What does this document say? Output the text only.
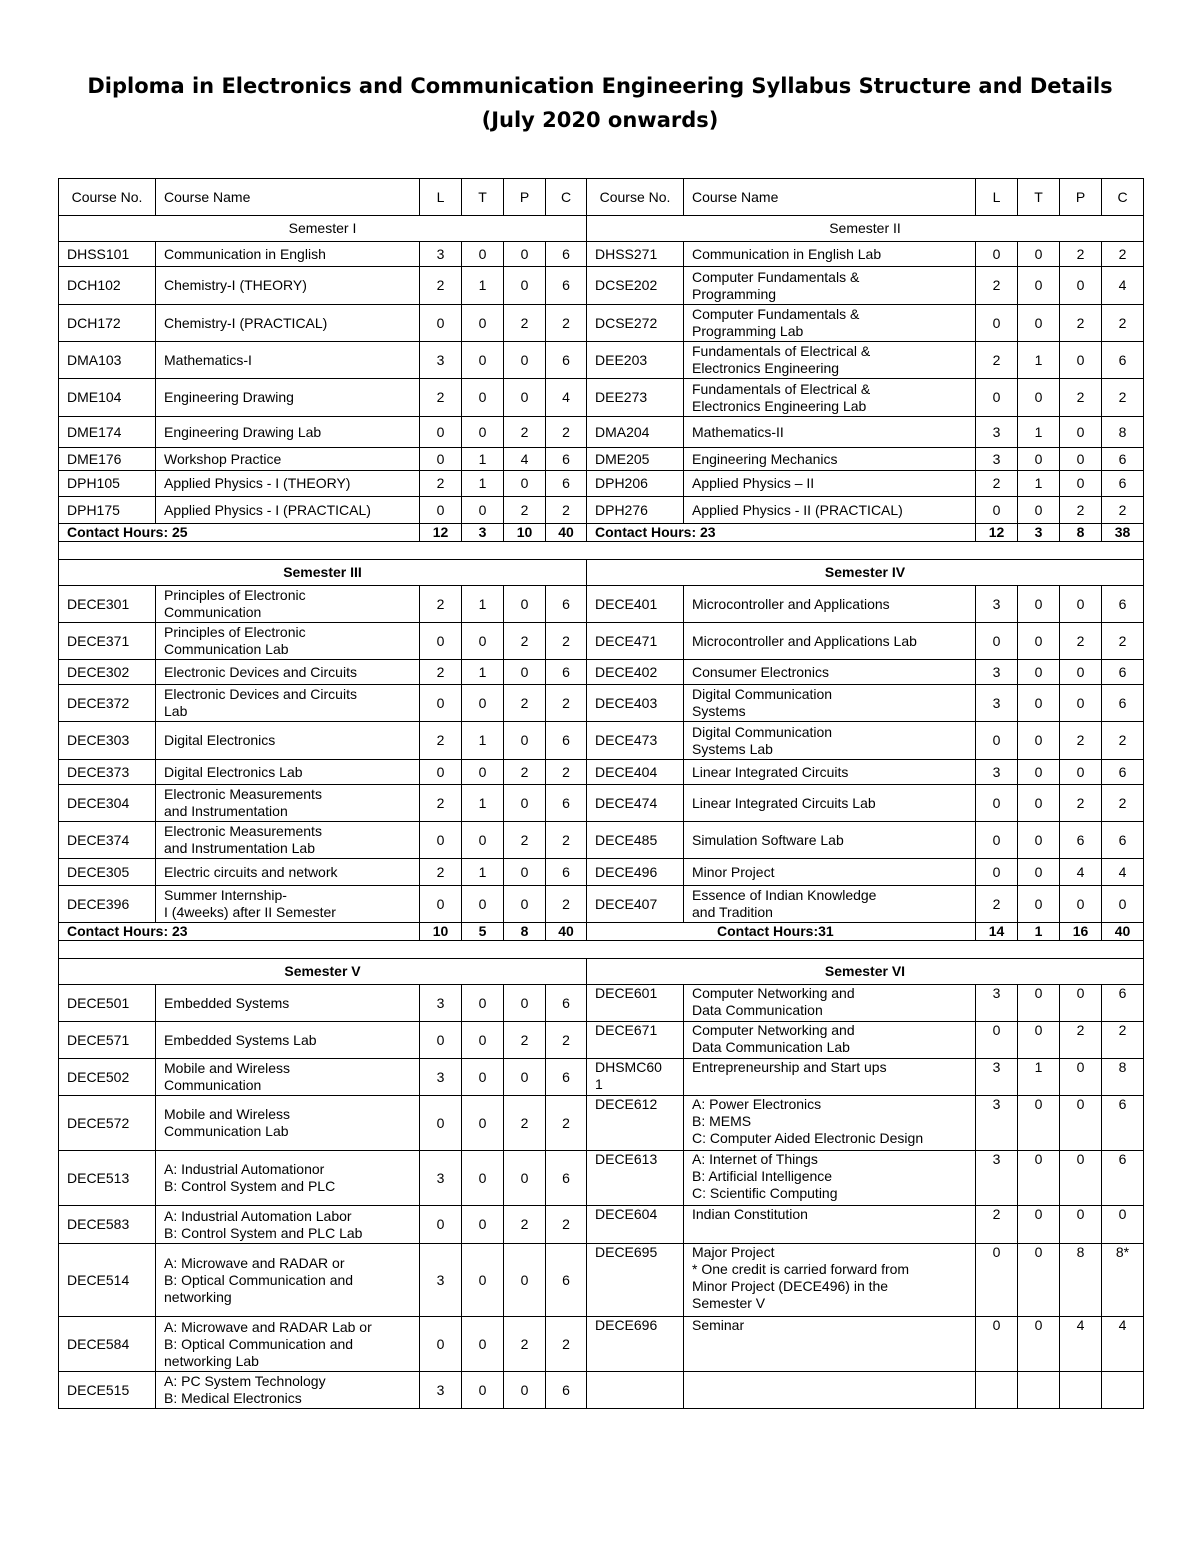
Diploma in Electronics and Communication Engineering Syllabus Structure and Details
(July 2020 onwards)
Course No.	Course Name	L	T	P	C	Course No.	Course Name	L	T	P	C
Semester I						Semester II					
DHSS101	Communication in English	3	0	0	6	DHSS271	Communication in English Lab	0	0	2	2
DCH102	Chemistry-I (THEORY)	2	1	0	6	DCSE202	Computer Fundamentals &
Programming	2	0	0	4
DCH172	Chemistry-I (PRACTICAL)	0	0	2	2	DCSE272	Computer Fundamentals &
Programming Lab	0	0	2	2
DMA103	Mathematics-I	3	0	0	6	DEE203	Fundamentals of Electrical &
Electronics Engineering	2	1	0	6
DME104	Engineering Drawing	2	0	0	4	DEE273	Fundamentals of Electrical &
Electronics Engineering Lab	0	0	2	2
DME174	Engineering Drawing Lab	0	0	2	2	DMA204	Mathematics-II	3	1	0	8
DME176	Workshop Practice	0	1	4	6	DME205	Engineering Mechanics	3	0	0	6
DPH105	Applied Physics - I (THEORY)	2	1	0	6	DPH206	Applied Physics – II	2	1	0	6
DPH175	Applied Physics - I (PRACTICAL)	0	0	2	2	DPH276	Applied Physics - II (PRACTICAL)	0	0	2	2
Contact Hours: 25		12	3	10	40	Contact Hours: 23		12	3	8	38

Semester III						Semester IV					
DECE301	Principles of Electronic
Communication	2	1	0	6	DECE401	Microcontroller and Applications	3	0	0	6
DECE371	Principles of Electronic
Communication Lab	0	0	2	2	DECE471	Microcontroller and Applications Lab	0	0	2	2
DECE302	Electronic Devices and Circuits	2	1	0	6	DECE402	Consumer Electronics	3	0	0	6
DECE372	Electronic Devices and Circuits
Lab	0	0	2	2	DECE403	Digital Communication
Systems	3	0	0	6
DECE303	Digital Electronics	2	1	0	6	DECE473	Digital Communication
Systems Lab	0	0	2	2
DECE373	Digital Electronics Lab	0	0	2	2	DECE404	Linear Integrated Circuits	3	0	0	6
DECE304	Electronic Measurements
and Instrumentation	2	1	0	6	DECE474	Linear Integrated Circuits Lab	0	0	2	2
DECE374	Electronic Measurements
and Instrumentation Lab	0	0	2	2	DECE485	Simulation Software Lab	0	0	6	6
DECE305	Electric circuits and network	2	1	0	6	DECE496	Minor Project	0	0	4	4
DECE396	Summer Internship-
I (4weeks) after II Semester	0	0	0	2	DECE407	Essence of Indian Knowledge
and Tradition	2	0	0	0
Contact Hours: 23		10	5	8	40	Contact Hours:31		14	1	16	40

Semester V						Semester VI					
DECE501	Embedded Systems	3	0	0	6	DECE601	Computer Networking and
Data Communication	3	0	0	6
DECE571	Embedded Systems Lab	0	0	2	2	DECE671	Computer Networking and
Data Communication Lab	0	0	2	2
DECE502	Mobile and Wireless
Communication	3	0	0	6	DHSMC60
1	Entrepreneurship and Start ups	3	1	0	8
DECE572	Mobile and Wireless
Communication Lab	0	0	2	2	DECE612	A: Power Electronics
B: MEMS
C: Computer Aided Electronic Design	3	0	0	6
DECE513	A: Industrial Automationor
B: Control System and PLC	3	0	0	6	DECE613	A: Internet of Things
B: Artificial Intelligence
C: Scientific Computing	3	0	0	6
DECE583	A: Industrial Automation Labor
B: Control System and PLC Lab	0	0	2	2	DECE604	Indian Constitution	2	0	0	0
DECE514	A: Microwave and RADAR or
B: Optical Communication and
networking	3	0	0	6	DECE695	Major Project
* One credit is carried forward from
Minor Project (DECE496) in the
Semester V	0	0	8	8*
DECE584	A: Microwave and RADAR Lab or
B: Optical Communication and
networking Lab	0	0	2	2	DECE696	Seminar	0	0	4	4
DECE515	A: PC System Technology
B: Medical Electronics	3	0	0	6						
